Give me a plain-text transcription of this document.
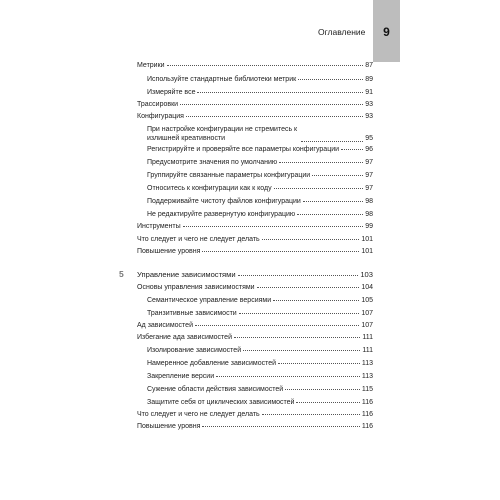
Оглавление	9
5
Метрики	87
Используйте стандартные библиотеки метрик	89
Измеряйте все	91
Трассировки	93
Конфигурация	93
При настройке конфигурации не стремитесь к излишней креативности	95
Регистрируйте и проверяйте все параметры конфигурации	96
Предусмотрите значения по умолчанию	97
Группируйте связанные параметры конфигурации	97
Относитесь к конфигурации как к коду	97
Поддерживайте чистоту файлов конфигурации	98
Не редактируйте развернутую конфигурацию	98
Инструменты	99
Что следует и чего не следует делать	101
Повышение уровня	101
Управление зависимостями	103
Основы управления зависимостями	104
Семантическое управление версиями	105
Транзитивные зависимости	107
Ад зависимостей	107
Избегание ада зависимостей	111
Изолирование зависимостей	111
Намеренное добавление зависимостей	113
Закрепление версии	113
Сужение области действия зависимостей	115
Защитите себя от циклических зависимостей	116
Что следует и чего не следует делать	116
Повышение уровня	116
